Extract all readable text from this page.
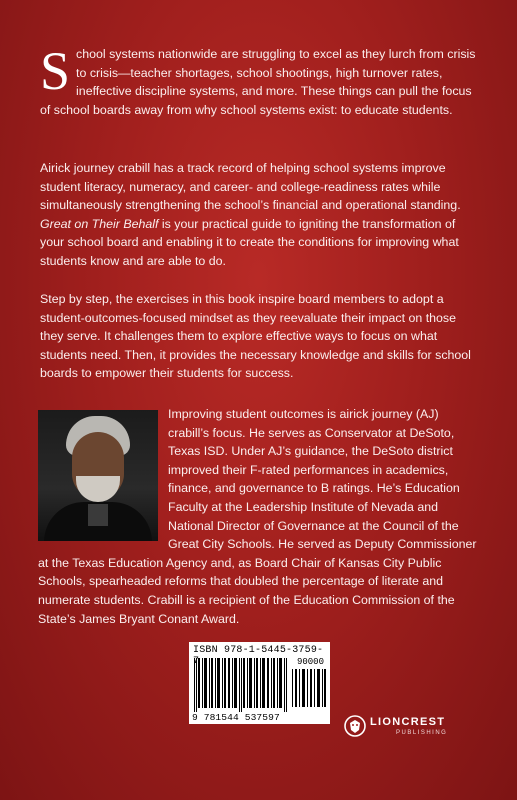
School systems nationwide are struggling to excel as they lurch from crisis to crisis—teacher shortages, school shootings, high turnover rates, ineffective discipline systems, and more. These things can pull the focus of school boards away from why school systems exist: to educate students.

Airick journey crabill has a track record of helping school systems improve student literacy, numeracy, and career- and college-readiness rates while simultaneously strengthening the school’s financial and operational standing. Great on Their Behalf is your practical guide to igniting the transformation of your school board and enabling it to create the conditions for improving what students know and are able to do.

Step by step, the exercises in this book inspire board members to adopt a student-outcomes-focused mindset as they reevaluate their impact on those they serve. It challenges them to explore effective ways to focus on what students need. Then, it provides the necessary knowledge and skills for school boards to empower their students for success.

Improving student outcomes is airick journey (AJ) crabill’s focus. He serves as Conservator at DeSoto, Texas ISD. Under AJ’s guidance, the DeSoto district improved their F-rated performances in academics, finance, and governance to B ratings. He’s Education Faculty at the Leadership Institute of Nevada and National Director of Governance at the Council of the Great City Schools. He served as Deputy Commissioner at the Texas Education Agency and, as Board Chair of Kansas City Public Schools, spearheaded reforms that doubled the percentage of literate and numerate students. Crabill is a recipient of the Education Commission of the State’s James Bryant Conant Award.

ISBN 978-1-5445-3759-
90000
9 781544 537597	LIONCREST
PUBLISHING
